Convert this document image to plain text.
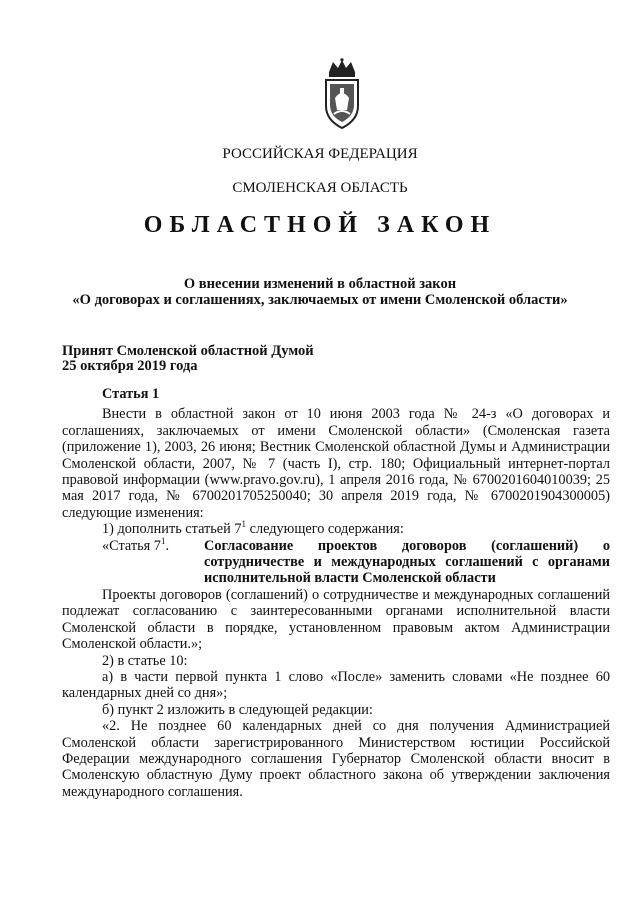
РОССИЙСКАЯ ФЕДЕРАЦИЯ
СМОЛЕНСКАЯ ОБЛАСТЬ
ОБЛАСТНОЙ ЗАКОН
О внесении изменений в областной закон
«О договорах и соглашениях, заключаемых от имени Смоленской области»
Принят Смоленской областной Думой
25 октября 2019 года

Статья 1

Внести в областной закон от 10 июня 2003 года № 24-з «О договорах и соглашениях, заключаемых от имени Смоленской области» (Смоленская газета (приложение 1), 2003, 26 июня; Вестник Смоленской областной Думы и Администрации Смоленской области, 2007, № 7 (часть I), стр. 180; Официальный интернет-портал правовой информации (www.pravo.gov.ru), 1 апреля 2016 года, № 6700201604010039; 25 мая 2017 года, № 6700201705250040; 30 апреля 2019 года, № 6700201904300005) следующие изменения:

1) дополнить статьей $7^1$ следующего содержания:

«Статья $7^1$.	Согласование проектов договоров (соглашений) о сотрудничестве и международных соглашений с органами исполнительной власти Смоленской области

Проекты договоров (соглашений) о сотрудничестве и международных соглашений подлежат согласованию с заинтересованными органами исполнительной власти Смоленской области в порядке, установленном правовым актом Администрации Смоленской области.»;

2) в статье 10:

а) в части первой пункта 1 слово «После» заменить словами «Не позднее 60 календарных дней со дня»;

б) пункт 2 изложить в следующей редакции:

«2. Не позднее 60 календарных дней со дня получения Администрацией Смоленской области зарегистрированного Министерством юстиции Российской Федерации международного соглашения Губернатор Смоленской области вносит в Смоленскую областную Думу проект областного закона об утверждении заключения международного соглашения.
